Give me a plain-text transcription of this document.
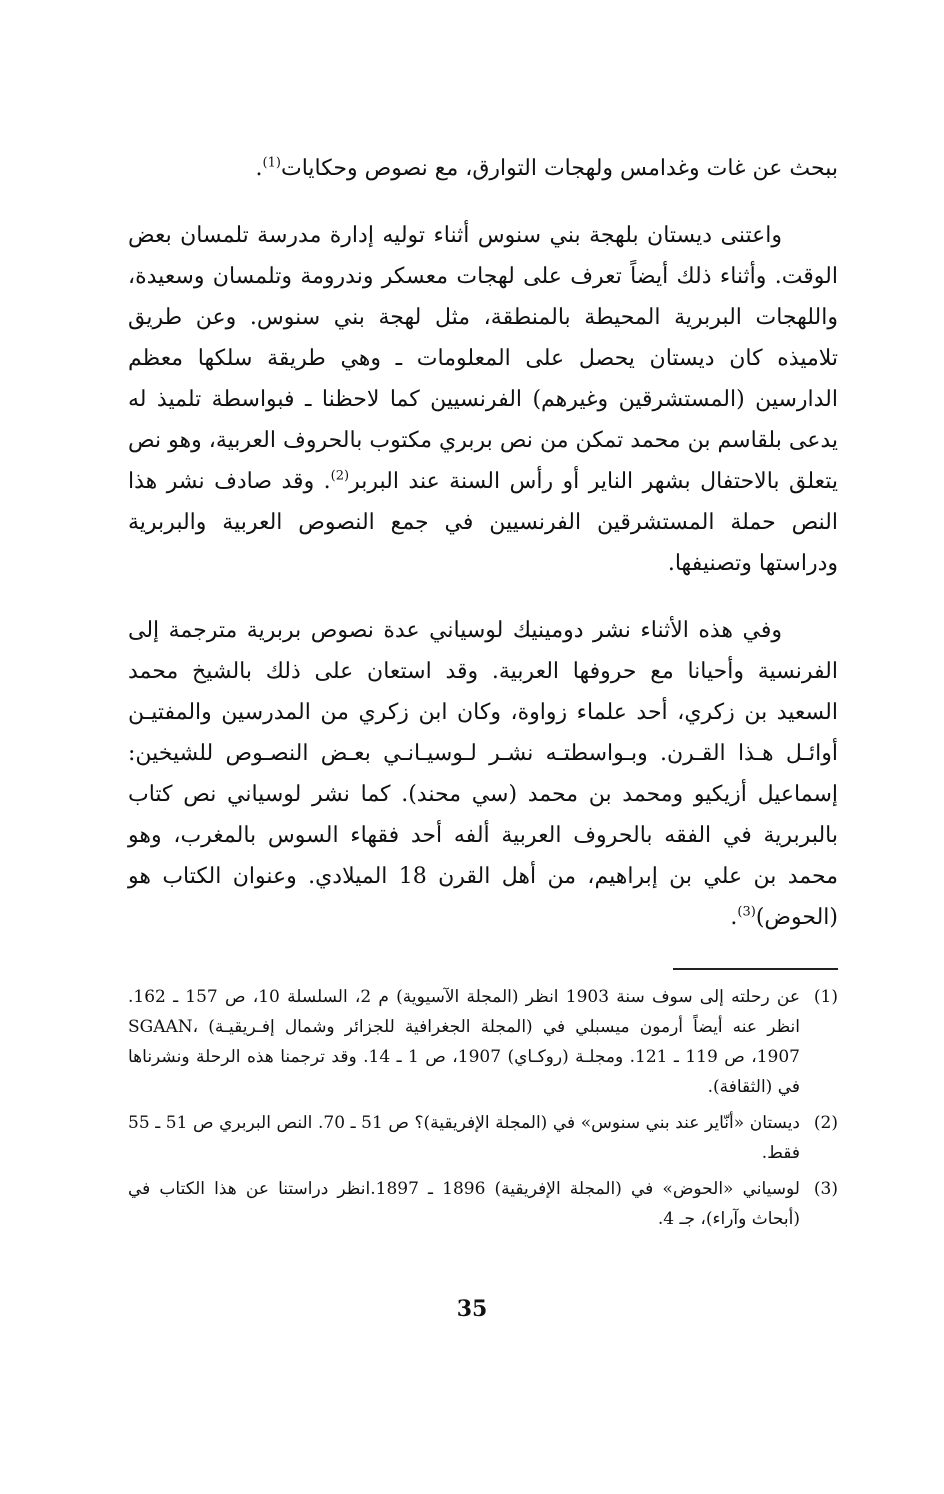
ببحث عن غات وغدامس ولهجات التوارق، مع نصوص وحكايات$^{(1)}$.

واعتنى ديستان بلهجة بني سنوس أثناء توليه إدارة مدرسة تلمسان بعض الوقت. وأثناء ذلك أيضاً تعرف على لهجات معسكر وندرومة وتلمسان وسعيدة، واللهجات البربرية المحيطة بالمنطقة، مثل لهجة بني سنوس. وعن طريق تلاميذه كان ديستان يحصل على المعلومات ـ وهي طريقة سلكها معظم الدارسين (المستشرقين وغيرهم) الفرنسيين كما لاحظنا ـ فبواسطة تلميذ له يدعى بلقاسم بن محمد تمكن من نص بربري مكتوب بالحروف العربية، وهو نص يتعلق بالاحتفال بشهر الناير أو رأس السنة عند البربر$^{(2)}$. وقد صادف نشر هذا النص حملة المستشرقين الفرنسيين في جمع النصوص العربية والبربرية ودراستها وتصنيفها.

وفي هذه الأثناء نشر دومينيك لوسياني عدة نصوص بربرية مترجمة إلى الفرنسية وأحيانا مع حروفها العربية. وقد استعان على ذلك بالشيخ محمد السعيد بن زكري، أحد علماء زواوة، وكان ابن زكري من المدرسين والمفتيـن أوائـل هـذا القـرن. وبـواسطتـه نشـر لـوسيـانـي بعـض النصـوص للشيخين: إسماعيل أزيكيو ومحمد بن محمد (سي محند). كما نشر لوسياني نص كتاب بالبربرية في الفقه بالحروف العربية ألفه أحد فقهاء السوس بالمغرب، وهو محمد بن علي بن إبراهيم، من أهل القرن 18 الميلادي. وعنوان الكتاب هو (الحوض)$^{(3)}$.

(1)
عن رحلته إلى سوف سنة 1903 انظر (المجلة الآسيوية) م 2، السلسلة 10، ص 157 ـ 162. انظر عنه أيضاً أرمون ميسبلي في (المجلة الجغرافية للجزائر وشمال إفـريقيـة) SGAAN، 1907، ص 119 ـ 121. ومجلـة (روكـاي) 1907، ص 1 ـ 14. وقد ترجمنا هذه الرحلة ونشرناها في (الثقافة).
(2)
ديستان «أنّاير عند بني سنوس» في (المجلة الإفريقية)؟ ص 51 ـ 70. النص البربري ص 51 ـ 55 فقط.
(3)
لوسياني «الحوض» في (المجلة الإفريقية) 1896 ـ 1897.انظر دراستنا عن هذا الكتاب في (أبحاث وآراء)، جـ 4.
35
